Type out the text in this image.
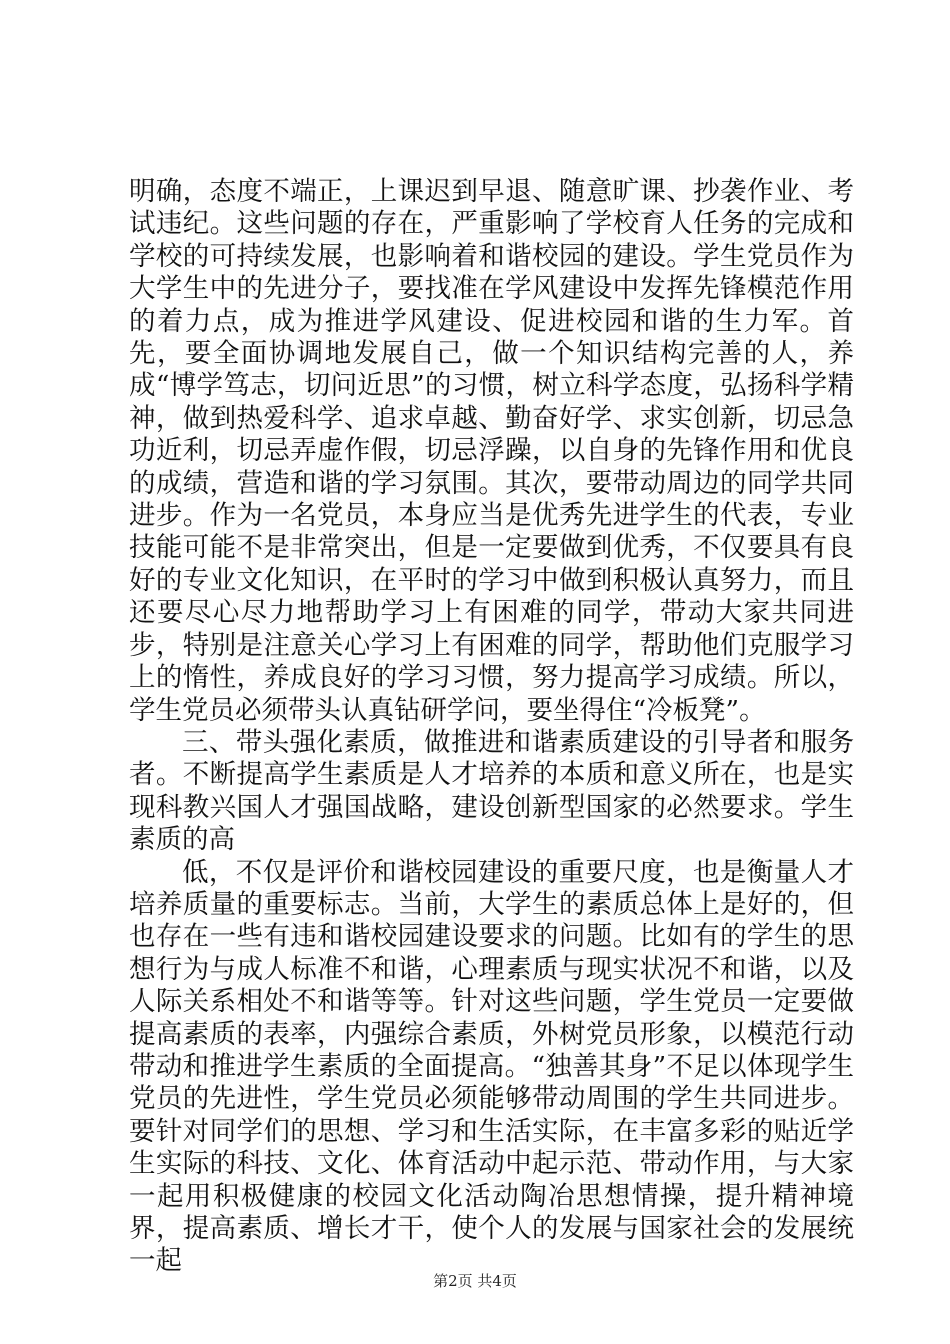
明确，态度不端正，上课迟到早退、随意旷课、抄袭作业、考试违纪。这些问题的存在，严重影响了学校育人任务的完成和学校的可持续发展，也影响着和谐校园的建设。学生党员作为大学生中的先进分子，要找准在学风建设中发挥先锋模范作用的着力点，成为推进学风建设、促进校园和谐的生力军。首先，要全面协调地发展自己，做一个知识结构完善的人，养成“博学笃志，切问近思”的习惯，树立科学态度，弘扬科学精神，做到热爱科学、追求卓越、勤奋好学、求实创新，切忌急功近利，切忌弄虚作假，切忌浮躁，以自身的先锋作用和优良的成绩，营造和谐的学习氛围。其次，要带动周边的同学共同进步。作为一名党员，本身应当是优秀先进学生的代表，专业技能可能不是非常突出，但是一定要做到优秀，不仅要具有良好的专业文化知识，在平时的学习中做到积极认真努力，而且还要尽心尽力地帮助学习上有困难的同学，带动大家共同进步，特别是注意关心学习上有困难的同学，帮助他们克服学习上的惰性，养成良好的学习习惯，努力提高学习成绩。所以，学生党员必须带头认真钻研学问，要坐得住“冷板凳”。

三、带头强化素质，做推进和谐素质建设的引导者和服务者。不断提高学生素质是人才培养的本质和意义所在，也是实现科教兴国人才强国战略，建设创新型国家的必然要求。学生素质的高

低，不仅是评价和谐校园建设的重要尺度，也是衡量人才培养质量的重要标志。当前，大学生的素质总体上是好的，但也存在一些有违和谐校园建设要求的问题。比如有的学生的思想行为与成人标准不和谐，心理素质与现实状况不和谐，以及人际关系相处不和谐等等。针对这些问题，学生党员一定要做提高素质的表率，内强综合素质，外树党员形象，以模范行动带动和推进学生素质的全面提高。“独善其身”不足以体现学生党员的先进性，学生党员必须能够带动周围的学生共同进步。要针对同学们的思想、学习和生活实际，在丰富多彩的贴近学生实际的科技、文化、体育活动中起示范、带动作用，与大家一起用积极健康的校园文化活动陶冶思想情操，提升精神境界，提高素质、增长才干，使个人的发展与国家社会的发展统一起

第2页 共4页
